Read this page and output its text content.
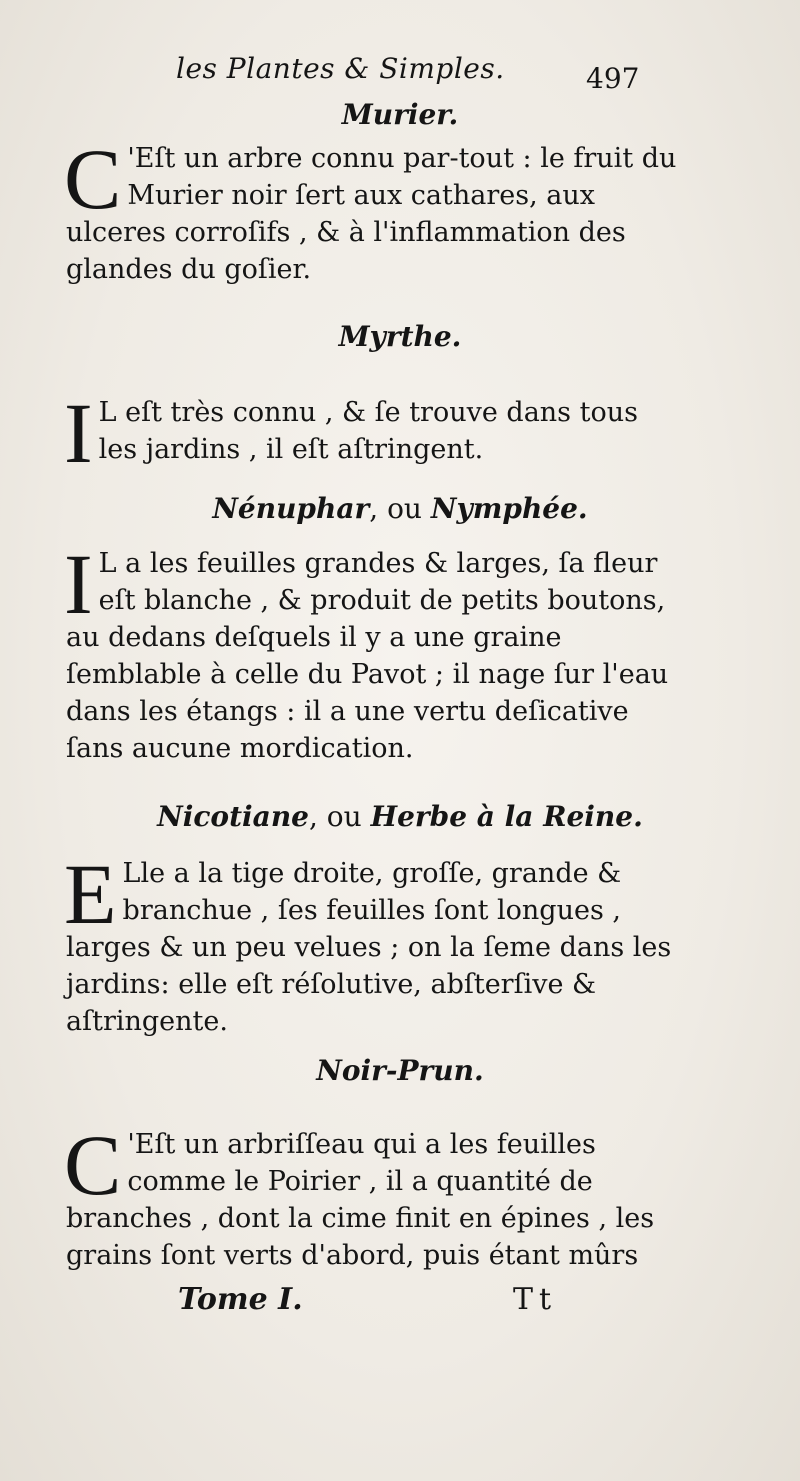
les Plantes & Simples.	497
Murier.
C 'Eſt un arbre connu par-tout : le fruit du Murier noir ſert aux cathares, aux ulceres corroſifs , & à l'inflammation des glandes du goſier.
Myrthe.
I L eſt très connu , & ſe trouve dans tous les jardins , il eſt aſtringent.
Nénuphar, ou Nymphée.
I L a les feuilles grandes & larges, ſa fleur eſt blanche , & produit de petits boutons, au dedans deſquels il y a une graine ſemblable à celle du Pavot ; il nage ſur l'eau dans les étangs : il a une vertu deſicative ſans aucune mordication.
Nicotiane, ou Herbe à la Reine.
E Lle a la tige droite, groſſe, grande & branchue , ſes feuilles ſont longues , larges & un peu velues ; on la ſeme dans les jardins: elle eſt réſolutive, abſterſive & aſtringente.
Noir-Prun.
C 'Eſt un arbriſſeau qui a les feuilles comme le Poirier , il a quantité de branches , dont la cime finit en épines , les grains ſont verts d'abord, puis étant mûrs
Tome I.	Tt
